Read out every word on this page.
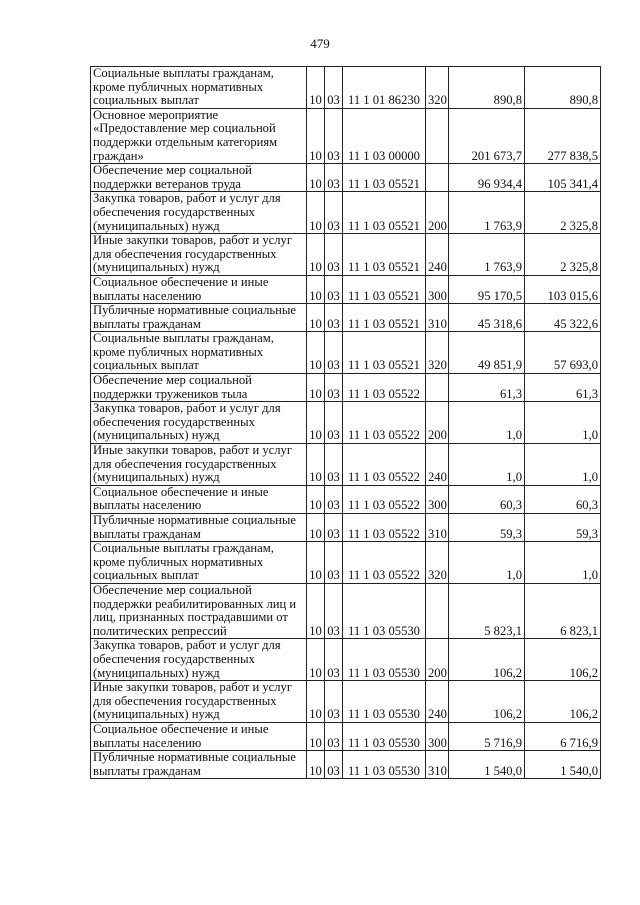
479
Социальные выплаты гражданам, кроме публичных нормативных социальных выплат	10	03	11 1 01 86230	320	890,8	890,8
Основное мероприятие «Предоставление мер социальной поддержки отдельным категориям граждан»	10	03	11 1 03 00000		201 673,7	277 838,5
Обеспечение мер социальной поддержки ветеранов труда	10	03	11 1 03 05521		96 934,4	105 341,4
Закупка товаров, работ и услуг для обеспечения государственных (муниципальных) нужд	10	03	11 1 03 05521	200	1 763,9	2 325,8
Иные закупки товаров, работ и услуг для обеспечения государственных (муниципальных) нужд	10	03	11 1 03 05521	240	1 763,9	2 325,8
Социальное обеспечение и иные выплаты населению	10	03	11 1 03 05521	300	95 170,5	103 015,6
Публичные нормативные социальные выплаты гражданам	10	03	11 1 03 05521	310	45 318,6	45 322,6
Социальные выплаты гражданам, кроме публичных нормативных социальных выплат	10	03	11 1 03 05521	320	49 851,9	57 693,0
Обеспечение мер социальной поддержки тружеников тыла	10	03	11 1 03 05522		61,3	61,3
Закупка товаров, работ и услуг для обеспечения государственных (муниципальных) нужд	10	03	11 1 03 05522	200	1,0	1,0
Иные закупки товаров, работ и услуг для обеспечения государственных (муниципальных) нужд	10	03	11 1 03 05522	240	1,0	1,0
Социальное обеспечение и иные выплаты населению	10	03	11 1 03 05522	300	60,3	60,3
Публичные нормативные социальные выплаты гражданам	10	03	11 1 03 05522	310	59,3	59,3
Социальные выплаты гражданам, кроме публичных нормативных социальных выплат	10	03	11 1 03 05522	320	1,0	1,0
Обеспечение мер социальной поддержки реабилитированных лиц и лиц, признанных пострадавшими от политических репрессий	10	03	11 1 03 05530		5 823,1	6 823,1
Закупка товаров, работ и услуг для обеспечения государственных (муниципальных) нужд	10	03	11 1 03 05530	200	106,2	106,2
Иные закупки товаров, работ и услуг для обеспечения государственных (муниципальных) нужд	10	03	11 1 03 05530	240	106,2	106,2
Социальное обеспечение и иные выплаты населению	10	03	11 1 03 05530	300	5 716,9	6 716,9
Публичные нормативные социальные выплаты гражданам	10	03	11 1 03 05530	310	1 540,0	1 540,0
